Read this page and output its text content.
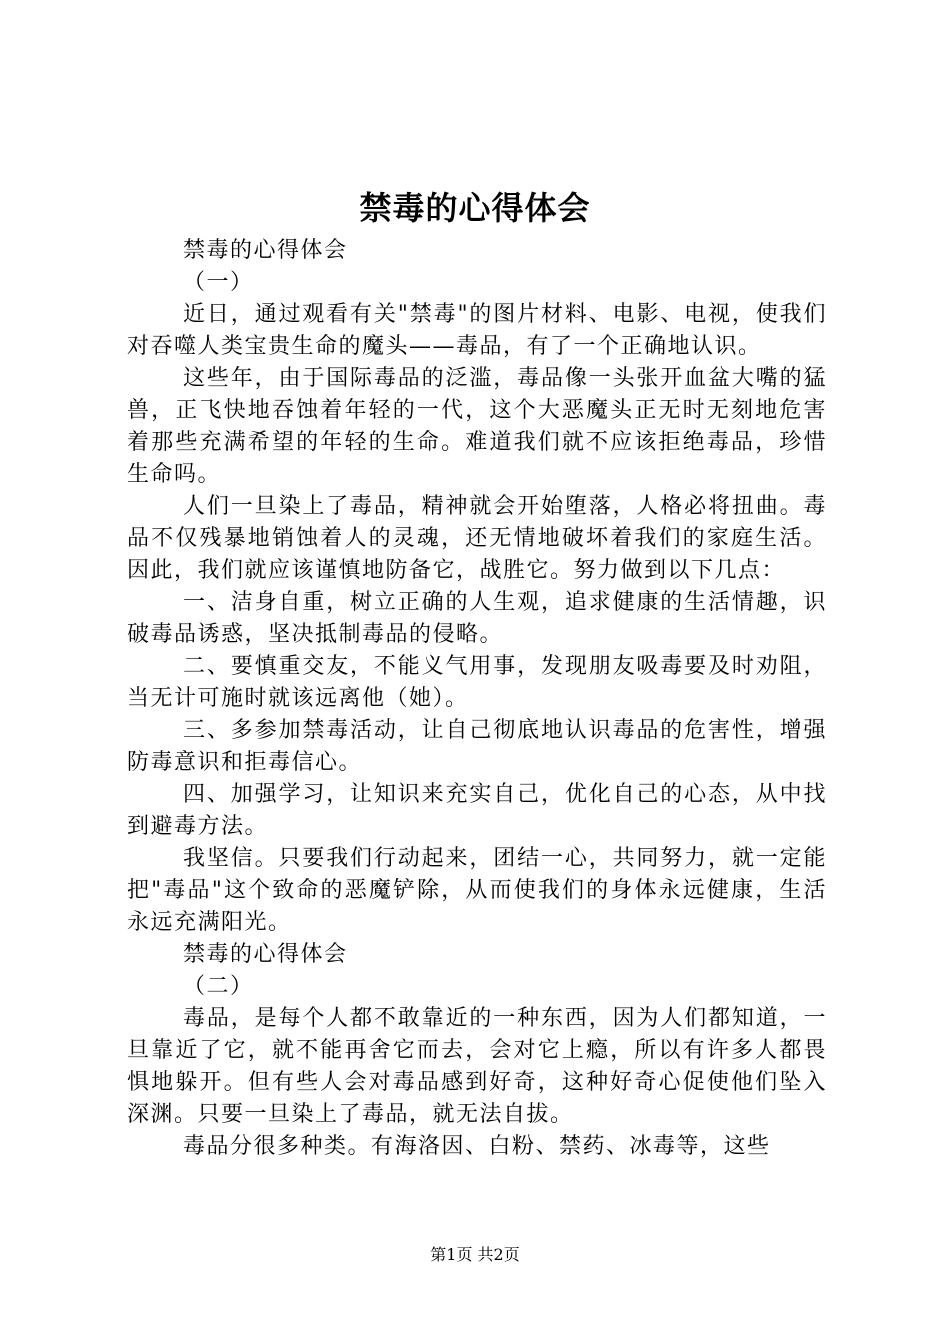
禁毒的心得体会

禁毒的心得体会

（一）

近日，通过观看有关"禁毒"的图片材料、电影、电视，使我们对吞噬人类宝贵生命的魔头——毒品，有了一个正确地认识。

这些年，由于国际毒品的泛滥，毒品像一头张开血盆大嘴的猛兽，正飞快地吞蚀着年轻的一代，这个大恶魔头正无时无刻地危害着那些充满希望的年轻的生命。难道我们就不应该拒绝毒品，珍惜生命吗。

人们一旦染上了毒品，精神就会开始堕落，人格必将扭曲。毒品不仅残暴地销蚀着人的灵魂，还无情地破坏着我们的家庭生活。因此，我们就应该谨慎地防备它，战胜它。努力做到以下几点：

一、洁身自重，树立正确的人生观，追求健康的生活情趣，识破毒品诱惑，坚决抵制毒品的侵略。

二、要慎重交友，不能义气用事，发现朋友吸毒要及时劝阻，当无计可施时就该远离他（她）。

三、多参加禁毒活动，让自己彻底地认识毒品的危害性，增强防毒意识和拒毒信心。

四、加强学习，让知识来充实自己，优化自己的心态，从中找到避毒方法。

我坚信。只要我们行动起来，团结一心，共同努力，就一定能把"毒品"这个致命的恶魔铲除，从而使我们的身体永远健康，生活永远充满阳光。

禁毒的心得体会

（二）

毒品，是每个人都不敢靠近的一种东西，因为人们都知道，一旦靠近了它，就不能再舍它而去，会对它上瘾，所以有许多人都畏惧地躲开。但有些人会对毒品感到好奇，这种好奇心促使他们坠入深渊。只要一旦染上了毒品，就无法自拔。

毒品分很多种类。有海洛因、白粉、禁药、冰毒等，这些

第1页 共2页
